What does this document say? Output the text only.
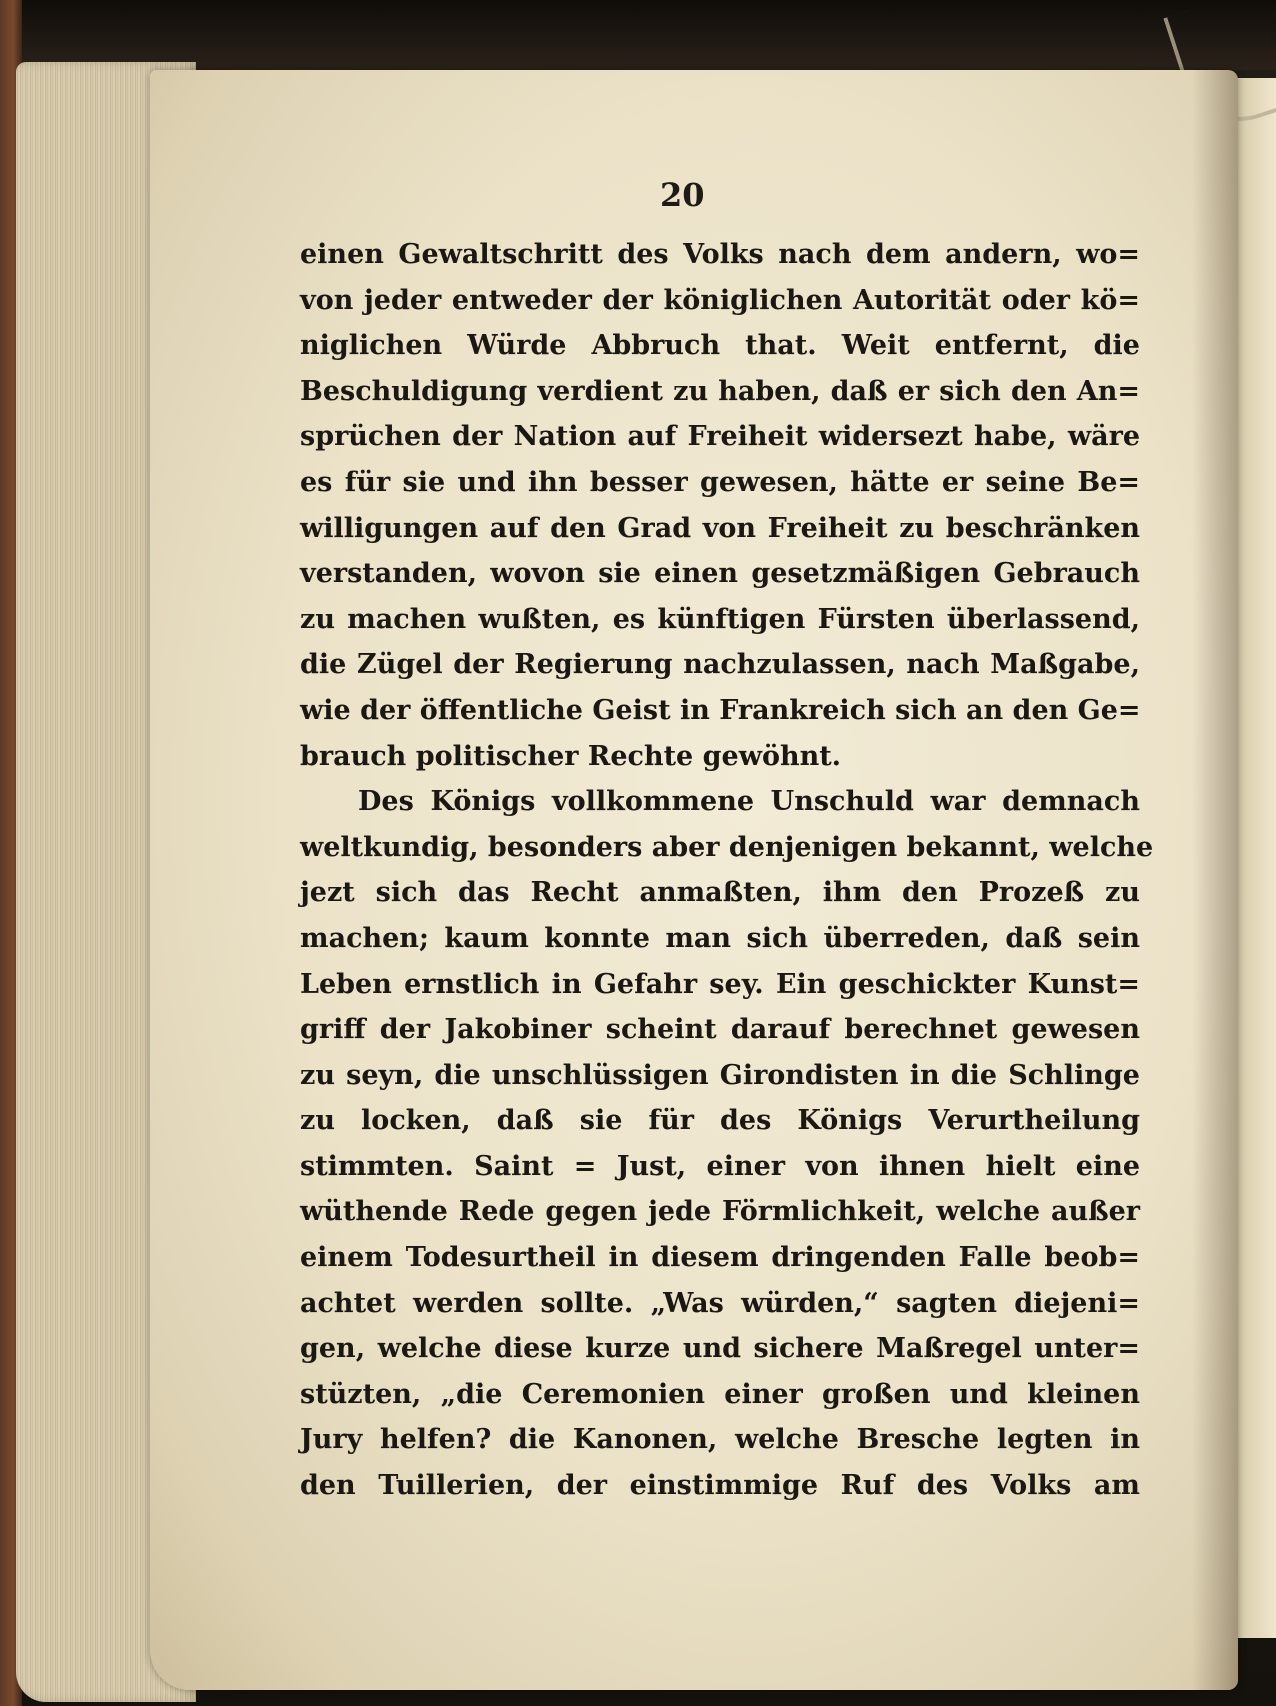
20
einen Gewaltschritt des Volks nach dem andern, wo=
von jeder entweder der königlichen Autorität oder kö=
niglichen Würde Abbruch that. Weit entfernt, die
Beschuldigung verdient zu haben, daß er sich den An=
sprüchen der Nation auf Freiheit widersezt habe, wäre
es für sie und ihn besser gewesen, hätte er seine Be=
willigungen auf den Grad von Freiheit zu beschränken
verstanden, wovon sie einen gesetzmäßigen Gebrauch
zu machen wußten, es künftigen Fürsten überlassend,
die Zügel der Regierung nachzulassen, nach Maßgabe,
wie der öffentliche Geist in Frankreich sich an den Ge=
brauch politischer Rechte gewöhnt.
Des Königs vollkommene Unschuld war demnach
weltkundig, besonders aber denjenigen bekannt, welche
jezt sich das Recht anmaßten, ihm den Prozeß zu
machen; kaum konnte man sich überreden, daß sein
Leben ernstlich in Gefahr sey. Ein geschickter Kunst=
griff der Jakobiner scheint darauf berechnet gewesen
zu seyn, die unschlüssigen Girondisten in die Schlinge
zu locken, daß sie für des Königs Verurtheilung
stimmten. Saint = Just, einer von ihnen hielt eine
wüthende Rede gegen jede Förmlichkeit, welche außer
einem Todesurtheil in diesem dringenden Falle beob=
achtet werden sollte. „Was würden,“ sagten diejeni=
gen, welche diese kurze und sichere Maßregel unter=
stüzten, „die Ceremonien einer großen und kleinen
Jury helfen? die Kanonen, welche Bresche legten in
den Tuillerien, der einstimmige Ruf des Volks am
